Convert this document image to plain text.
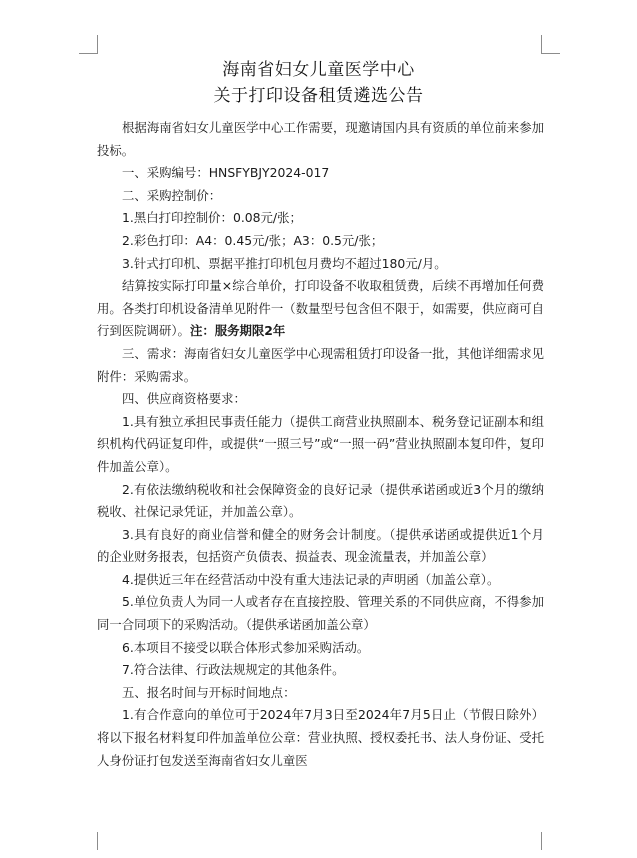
海南省妇女儿童医学中心
关于打印设备租赁遴选公告

根据海南省妇女儿童医学中心工作需要，现邀请国内具有资质的单位前来参加投标。

一、采购编号：HNSFYBJY2024-017

二、采购控制价：

1.黑白打印控制价：0.08元/张；

2.彩色打印：A4：0.45元/张；A3：0.5元/张；

3.针式打印机、票据平推打印机包月费均不超过180元/月。

结算按实际打印量×综合单价，打印设备不收取租赁费，后续不再增加任何费用。各类打印机设备清单见附件一（数量型号包含但不限于，如需要，供应商可自行到医院调研）。注：服务期限2年

三、需求：海南省妇女儿童医学中心现需租赁打印设备一批，其他详细需求见附件：采购需求。

四、供应商资格要求：

1.具有独立承担民事责任能力（提供工商营业执照副本、税务登记证副本和组织机构代码证复印件，或提供“一照三号”或“一照一码”营业执照副本复印件，复印件加盖公章）。

2.有依法缴纳税收和社会保障资金的良好记录（提供承诺函或近3个月的缴纳税收、社保记录凭证，并加盖公章）。

3.具有良好的商业信誉和健全的财务会计制度。（提供承诺函或提供近1个月的企业财务报表，包括资产负债表、损益表、现金流量表，并加盖公章）

4.提供近三年在经营活动中没有重大违法记录的声明函（加盖公章）。

5.单位负责人为同一人或者存在直接控股、管理关系的不同供应商，不得参加同一合同项下的采购活动。（提供承诺函加盖公章）

6.本项目不接受以联合体形式参加采购活动。

7.符合法律、行政法规规定的其他条件。

五、报名时间与开标时间地点：

1.有合作意向的单位可于2024年7月3日至2024年7月5日止（节假日除外）将以下报名材料复印件加盖单位公章：营业执照、授权委托书、法人身份证、受托人身份证打包发送至海南省妇女儿童医
